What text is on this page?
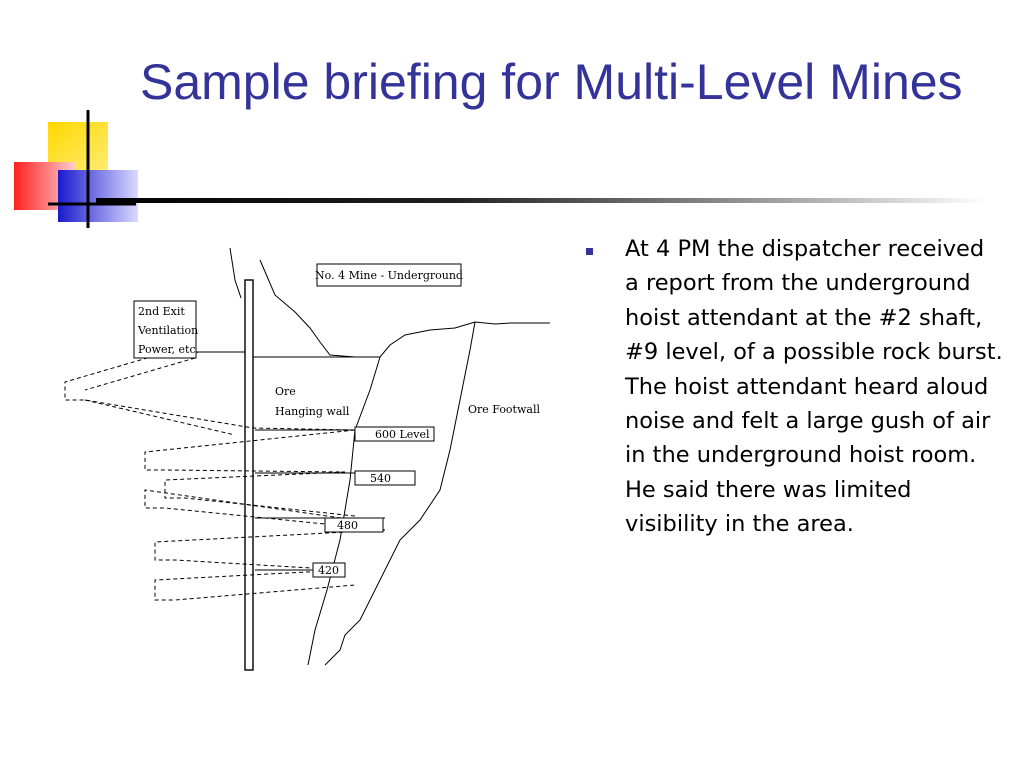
Sample briefing for Multi-Level Mines
No. 4 Mine - Underground
2nd Exit
Ventilation
Power, etc.
Ore
Hanging wall	Ore Footwall
600 Level
540
480
420
At 4 PM the dispatcher received a report from the underground hoist attendant at the #2 shaft, #9 level, of a possible rock burst. The hoist attendant heard aloud noise and felt a large gush of air in the underground hoist room. He said there was limited visibility in the area.
